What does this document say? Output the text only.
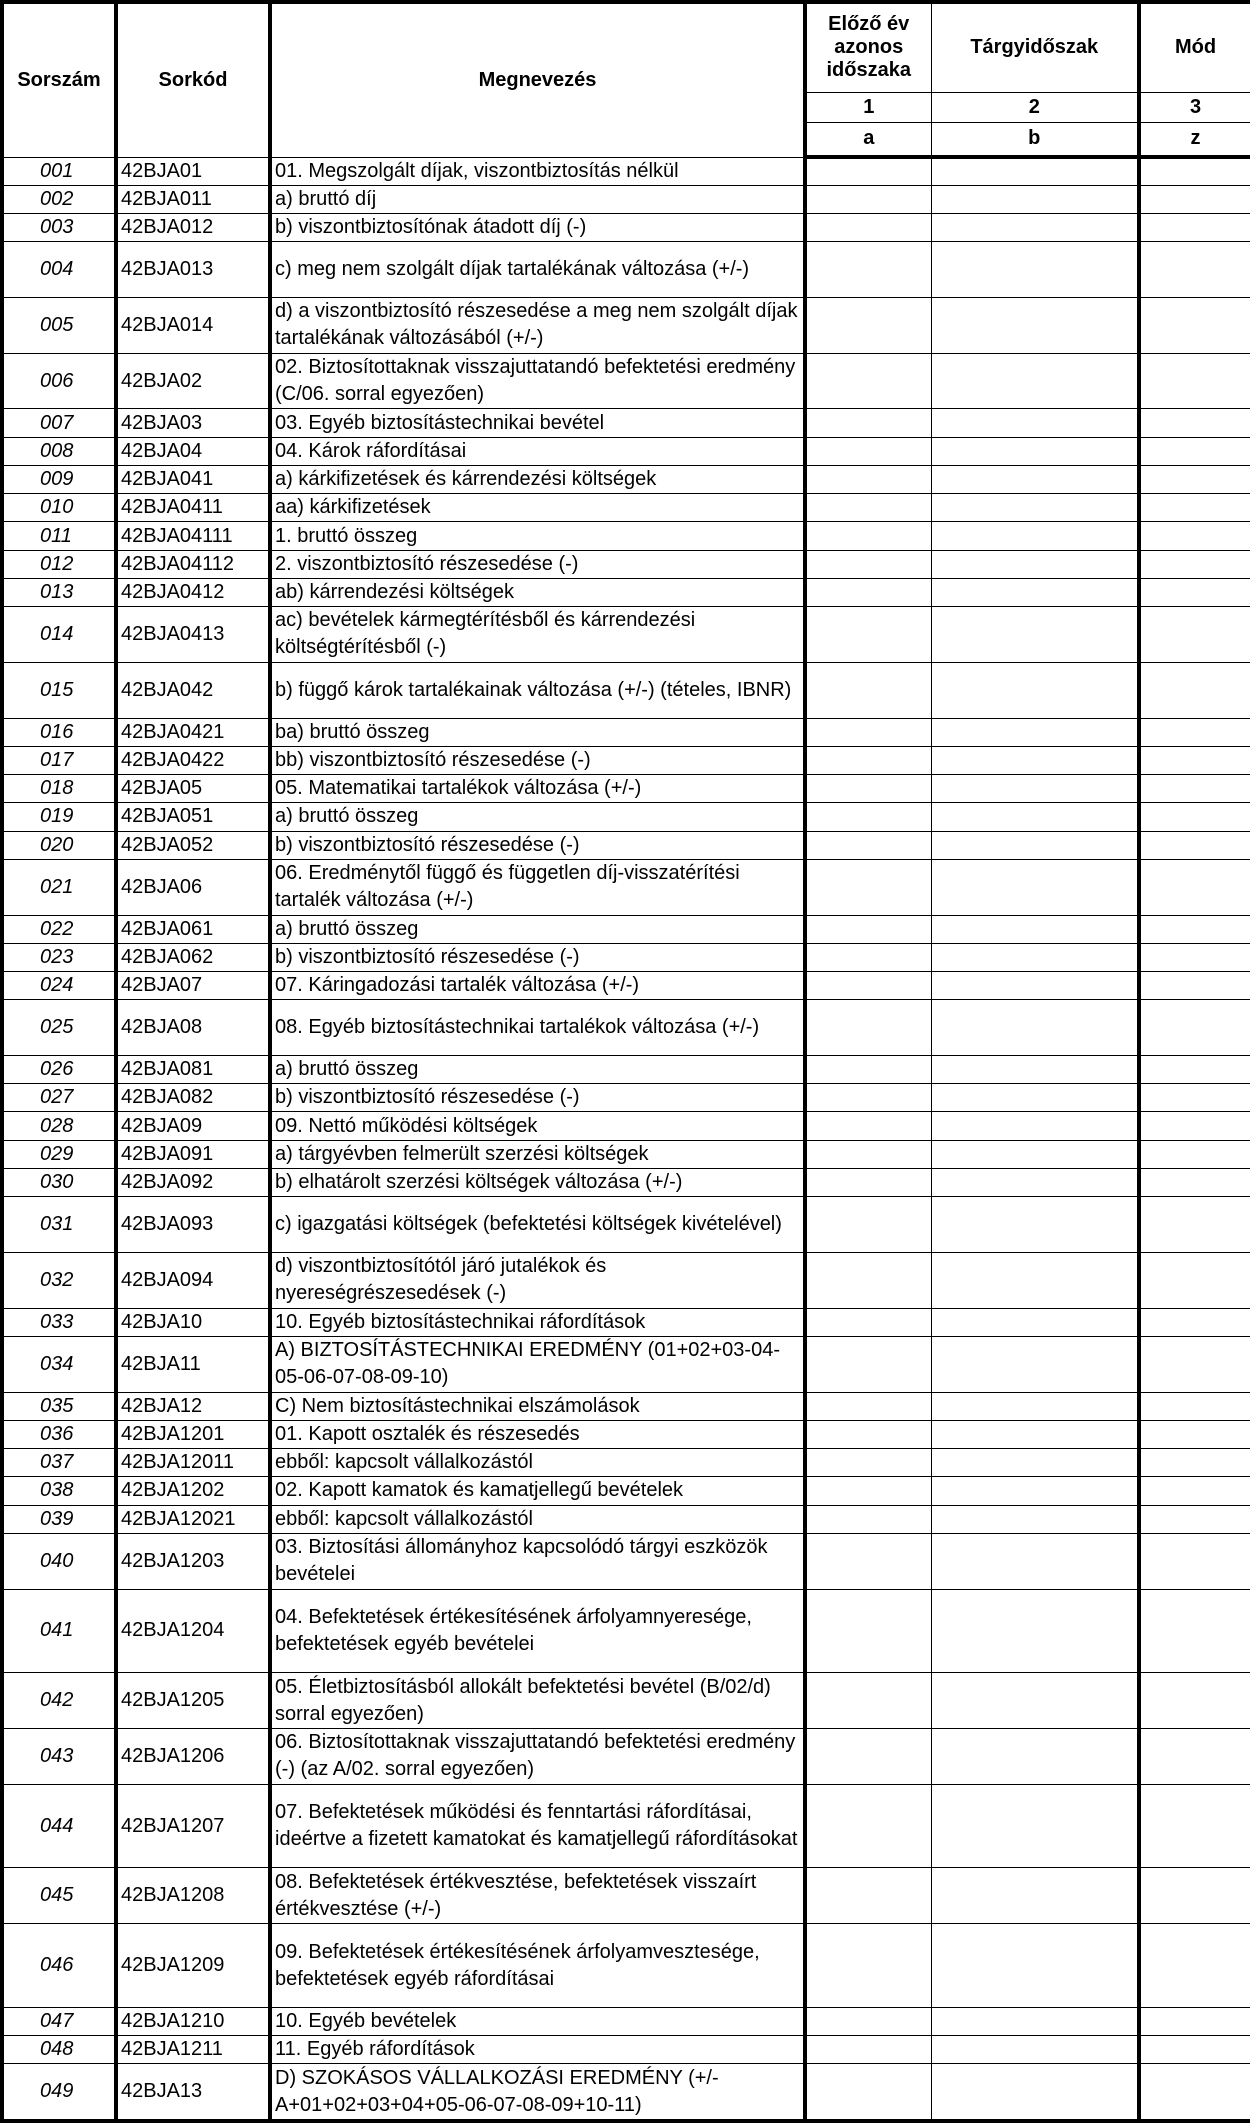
Sorszám	Sorkód	Megnevezés	Előző év azonos időszaka	Tárgyidőszak	Mód
			1	2	3
			a	b	z
001	42BJA01	01. Megszolgált díjak, viszontbiztosítás nélkül			
002	42BJA011	a) bruttó díj			
003	42BJA012	b) viszontbiztosítónak átadott díj (-)			
004	42BJA013	c) meg nem szolgált díjak tartalékának változása (+/-)			
005	42BJA014	d) a viszontbiztosító részesedése a meg nem szolgált díjak tartalékának változásából (+/-)			
006	42BJA02	02. Biztosítottaknak visszajuttatandó befektetési eredmény (C/06. sorral egyezően)			
007	42BJA03	03. Egyéb biztosítástechnikai bevétel			
008	42BJA04	04. Károk ráfordításai			
009	42BJA041	a) kárkifizetések és kárrendezési költségek			
010	42BJA0411	aa) kárkifizetések			
011	42BJA04111	1. bruttó összeg			
012	42BJA04112	2. viszontbiztosító részesedése (-)			
013	42BJA0412	ab) kárrendezési költségek			
014	42BJA0413	ac) bevételek kármegtérítésből és kárrendezési költségtérítésből (-)			
015	42BJA042	b) függő károk tartalékainak változása (+/-) (tételes, IBNR)			
016	42BJA0421	ba) bruttó összeg			
017	42BJA0422	bb) viszontbiztosító részesedése (-)			
018	42BJA05	05. Matematikai tartalékok változása (+/-)			
019	42BJA051	a) bruttó összeg			
020	42BJA052	b) viszontbiztosító részesedése (-)			
021	42BJA06	06. Eredménytől függő és független díj-visszatérítési tartalék változása (+/-)			
022	42BJA061	a) bruttó összeg			
023	42BJA062	b) viszontbiztosító részesedése (-)			
024	42BJA07	07. Káringadozási tartalék változása (+/-)			
025	42BJA08	08. Egyéb biztosítástechnikai tartalékok változása (+/-)			
026	42BJA081	a) bruttó összeg			
027	42BJA082	b) viszontbiztosító részesedése (-)			
028	42BJA09	09. Nettó működési költségek			
029	42BJA091	a) tárgyévben felmerült szerzési költségek			
030	42BJA092	b) elhatárolt szerzési költségek változása (+/-)			
031	42BJA093	c) igazgatási költségek (befektetési költségek kivételével)			
032	42BJA094	d) viszontbiztosítótól járó jutalékok és nyereségrészesedések (-)			
033	42BJA10	10. Egyéb biztosítástechnikai ráfordítások			
034	42BJA11	A) BIZTOSÍTÁSTECHNIKAI EREDMÉNY (01+02+03-04-05-06-07-08-09-10)			
035	42BJA12	C) Nem biztosítástechnikai elszámolások			
036	42BJA1201	01. Kapott osztalék és részesedés			
037	42BJA12011	ebből: kapcsolt vállalkozástól			
038	42BJA1202	02. Kapott kamatok és kamatjellegű bevételek			
039	42BJA12021	ebből: kapcsolt vállalkozástól			
040	42BJA1203	03. Biztosítási állományhoz kapcsolódó tárgyi eszközök bevételei			
041	42BJA1204	04. Befektetések értékesítésének árfolyamnyeresége, befektetések egyéb bevételei			
042	42BJA1205	05. Életbiztosításból allokált befektetési bevétel (B/02/d) sorral egyezően)			
043	42BJA1206	06. Biztosítottaknak visszajuttatandó befektetési eredmény (-) (az A/02. sorral egyezően)			
044	42BJA1207	07. Befektetések működési és fenntartási ráfordításai, ideértve a fizetett kamatokat és kamatjellegű ráfordításokat			
045	42BJA1208	08. Befektetések értékvesztése, befektetések visszaírt értékvesztése (+/-)			
046	42BJA1209	09. Befektetések értékesítésének árfolyamvesztesége, befektetések egyéb ráfordításai			
047	42BJA1210	10. Egyéb bevételek			
048	42BJA1211	11. Egyéb ráfordítások			
049	42BJA13	D) SZOKÁSOS VÁLLALKOZÁSI EREDMÉNY (+/-A+01+02+03+04+05-06-07-08-09+10-11)			
